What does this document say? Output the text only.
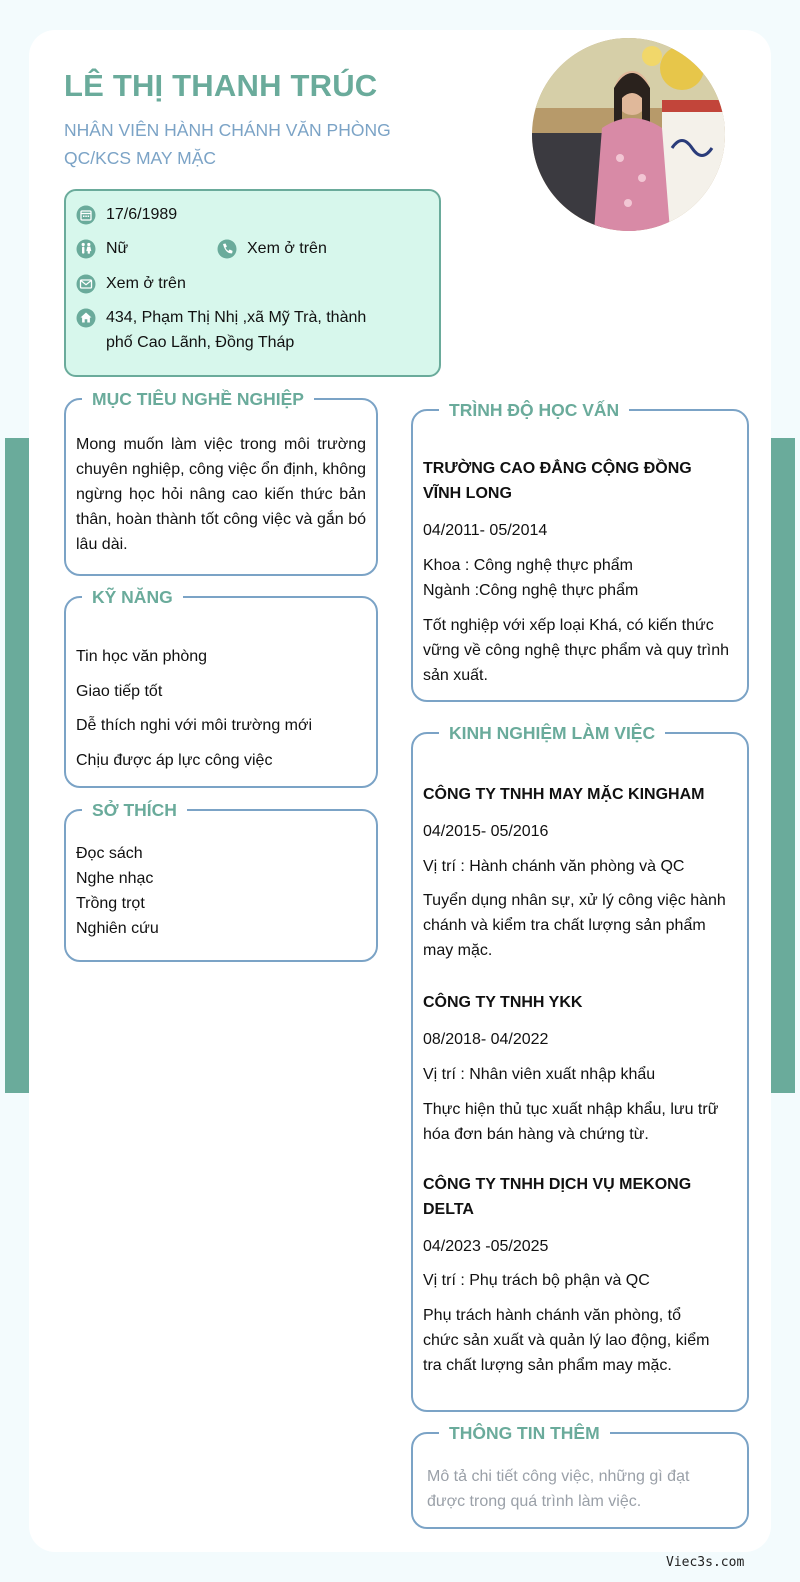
LÊ THỊ THANH TRÚC
NHÂN VIÊN HÀNH CHÁNH VĂN PHÒNG
QC/KCS MAY MẶC
17/6/1989
Nữ	Xem ở trên
Xem ở trên
434, Phạm Thị Nhị ,xã Mỹ Trà, thành
phố Cao Lãnh, Đồng Tháp
MỤC TIÊU NGHỀ NGHIỆP
Mong muốn làm việc trong môi trường chuyên nghiệp, công việc ổn định, không ngừng học hỏi nâng cao kiến thức bản thân, hoàn thành tốt công việc và gắn bó lâu dài.
KỸ NĂNG
Tin học văn phòng
Giao tiếp tốt
Dễ thích nghi với môi trường mới
Chịu được áp lực công việc
SỞ THÍCH
Đọc sách
Nghe nhạc
Trồng trọt
Nghiên cứu
TRÌNH ĐỘ HỌC VẤN
TRƯỜNG CAO ĐẲNG CỘNG ĐỒNG
VĨNH LONG
04/2011- 05/2014
Khoa : Công nghệ thực phẩm
Ngành :Công nghệ thực phẩm
Tốt nghiệp với xếp loại Khá, có kiến thức vững về công nghệ thực phẩm và quy trình sản xuất.
KINH NGHIỆM LÀM VIỆC
CÔNG TY TNHH MAY MẶC KINGHAM
04/2015- 05/2016
Vị trí : Hành chánh văn phòng và QC
Tuyển dụng nhân sự, xử lý công việc hành chánh và kiểm tra chất lượng sản phẩm may mặc.
CÔNG TY TNHH YKK
08/2018- 04/2022
Vị trí : Nhân viên xuất nhập khẩu
Thực hiện thủ tục xuất nhập khẩu, lưu trữ hóa đơn bán hàng và chứng từ.
CÔNG TY TNHH DỊCH VỤ MEKONG DELTA
04/2023 -05/2025
Vị trí : Phụ trách bộ phận và QC
Phụ trách hành chánh văn phòng, tổ chức sản xuất và quản lý lao động, kiểm tra chất lượng sản phẩm may mặc.
THÔNG TIN THÊM
Mô tả chi tiết công việc, những gì đạt được trong quá trình làm việc.
Viec3s.com
